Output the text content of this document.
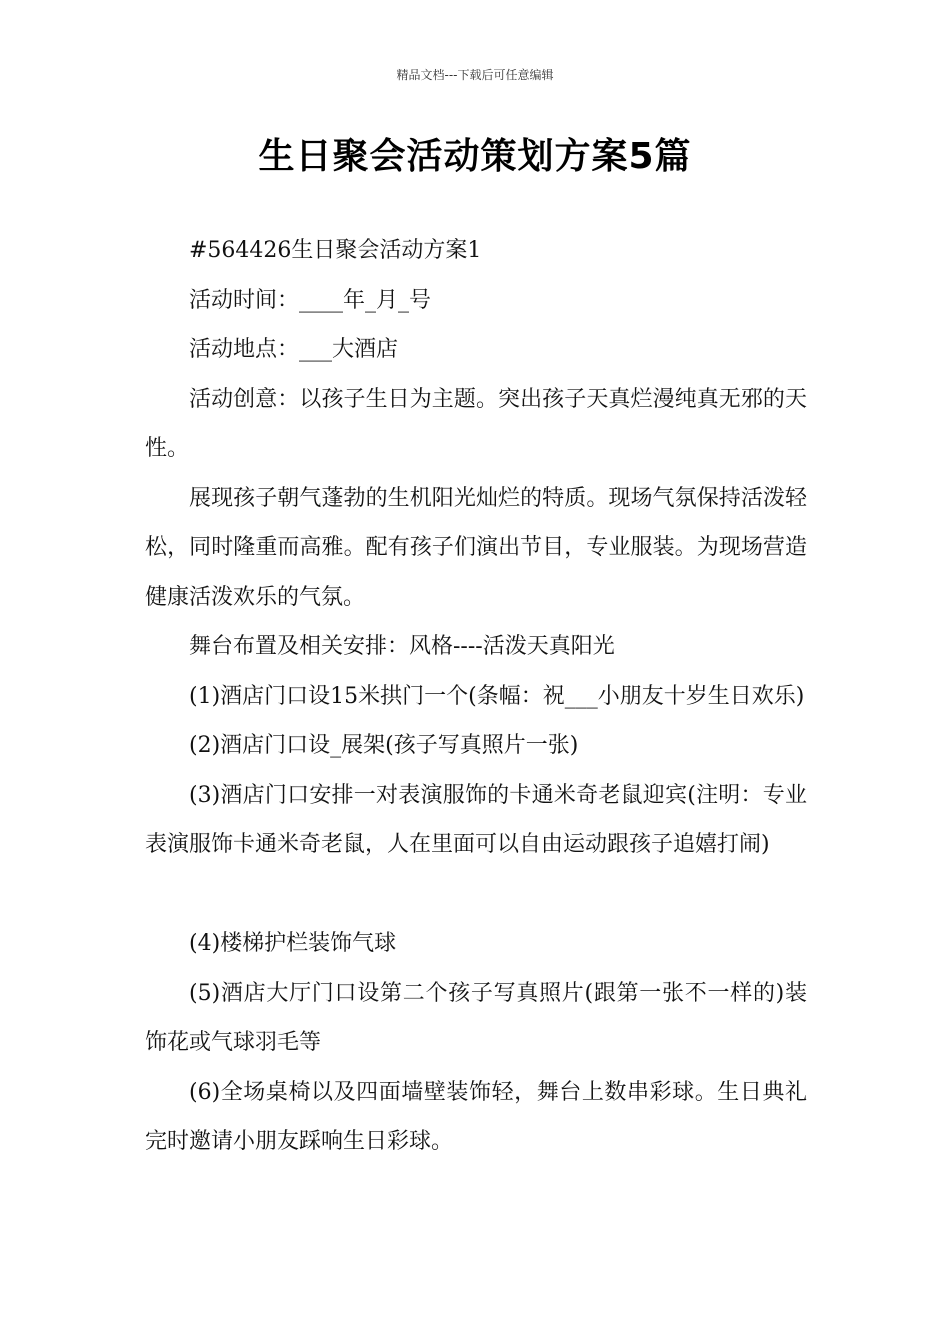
精品文档---下载后可任意编辑
生日聚会活动策划方案5篇

#564426生日聚会活动方案1

活动时间：____年_月_号

活动地点：___大酒店

活动创意：以孩子生日为主题。突出孩子天真烂漫纯真无邪的天性。

展现孩子朝气蓬勃的生机阳光灿烂的特质。现场气氛保持活泼轻松，同时隆重而高雅。配有孩子们演出节目，专业服装。为现场营造健康活泼欢乐的气氛。

舞台布置及相关安排：风格----活泼天真阳光

(1)酒店门口设15米拱门一个(条幅：祝___小朋友十岁生日欢乐)

(2)酒店门口设_展架(孩子写真照片一张)

(3)酒店门口安排一对表演服饰的卡通米奇老鼠迎宾(注明：专业表演服饰卡通米奇老鼠，人在里面可以自由运动跟孩子追嬉打闹)

(4)楼梯护栏装饰气球

(5)酒店大厅门口设第二个孩子写真照片(跟第一张不一样的)装饰花或气球羽毛等

(6)全场桌椅以及四面墙壁装饰轻，舞台上数串彩球。生日典礼完时邀请小朋友踩响生日彩球。
